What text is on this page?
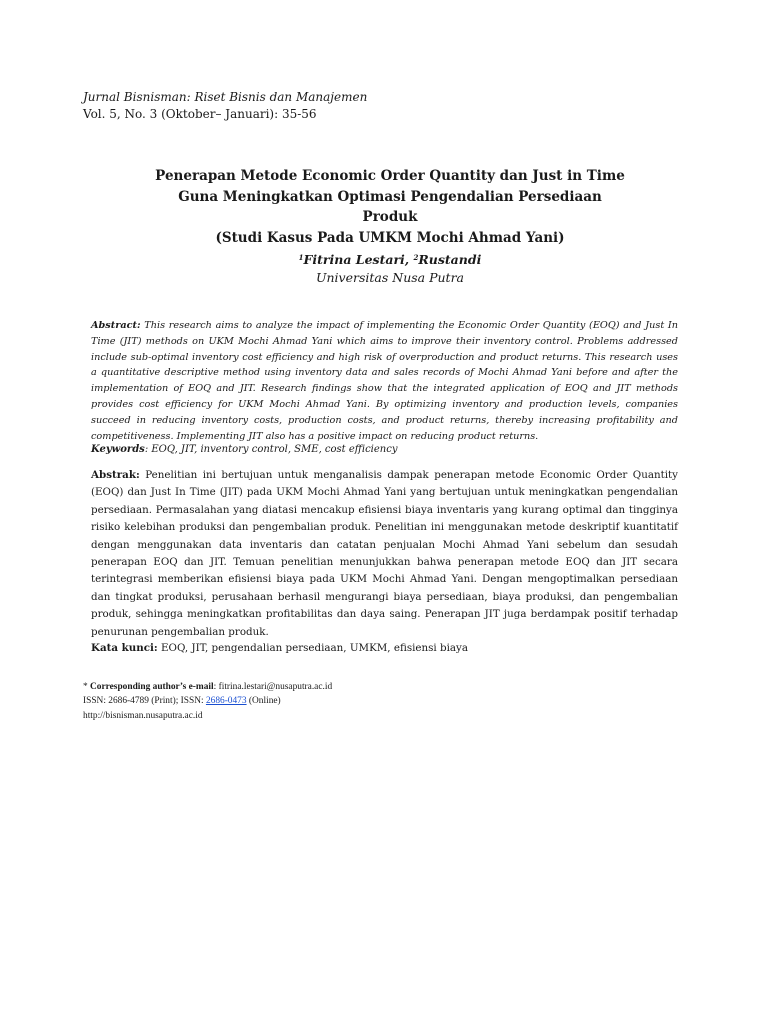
Jurnal Bisnisman: Riset Bisnis dan Manajemen
Vol. 5, No. 3 (Oktober– Januari): 35-56
Penerapan Metode Economic Order Quantity dan Just in Time
Guna Meningkatkan Optimasi Pengendalian Persediaan
Produk
(Studi Kasus Pada UMKM Mochi Ahmad Yani)
$^1$Fitrina Lestari, $^2$Rustandi
Universitas Nusa Putra
Abstract: This research aims to analyze the impact of implementing the Economic Order Quantity (EOQ) and Just In Time (JIT) methods on UKM Mochi Ahmad Yani which aims to improve their inventory control. Problems addressed include sub-optimal inventory cost efficiency and high risk of overproduction and product returns. This research uses a quantitative descriptive method using inventory data and sales records of Mochi Ahmad Yani before and after the implementation of EOQ and JIT. Research findings show that the integrated application of EOQ and JIT methods provides cost efficiency for UKM Mochi Ahmad Yani. By optimizing inventory and production levels, companies succeed in reducing inventory costs, production costs, and product returns, thereby increasing profitability and competitiveness. Implementing JIT also has a positive impact on reducing product returns.
Keywords: EOQ, JIT, inventory control, SME, cost efficiency
Abstrak: Penelitian ini bertujuan untuk menganalisis dampak penerapan metode Economic Order Quantity (EOQ) dan Just In Time (JIT) pada UKM Mochi Ahmad Yani yang bertujuan untuk meningkatkan pengendalian persediaan. Permasalahan yang diatasi mencakup efisiensi biaya inventaris yang kurang optimal dan tingginya risiko kelebihan produksi dan pengembalian produk. Penelitian ini menggunakan metode deskriptif kuantitatif dengan menggunakan data inventaris dan catatan penjualan Mochi Ahmad Yani sebelum dan sesudah penerapan EOQ dan JIT. Temuan penelitian menunjukkan bahwa penerapan metode EOQ dan JIT secara terintegrasi memberikan efisiensi biaya pada UKM Mochi Ahmad Yani. Dengan mengoptimalkan persediaan dan tingkat produksi, perusahaan berhasil mengurangi biaya persediaan, biaya produksi, dan pengembalian produk, sehingga meningkatkan profitabilitas dan daya saing. Penerapan JIT juga berdampak positif terhadap penurunan pengembalian produk.
Kata kunci: EOQ, JIT, pengendalian persediaan, UMKM, efisiensi biaya
* Corresponding author’s e-mail: fitrina.lestari@nusaputra.ac.id
ISSN: 2686-4789 (Print); ISSN: 2686-0473 (Online)
http://bisnisman.nusaputra.ac.id
